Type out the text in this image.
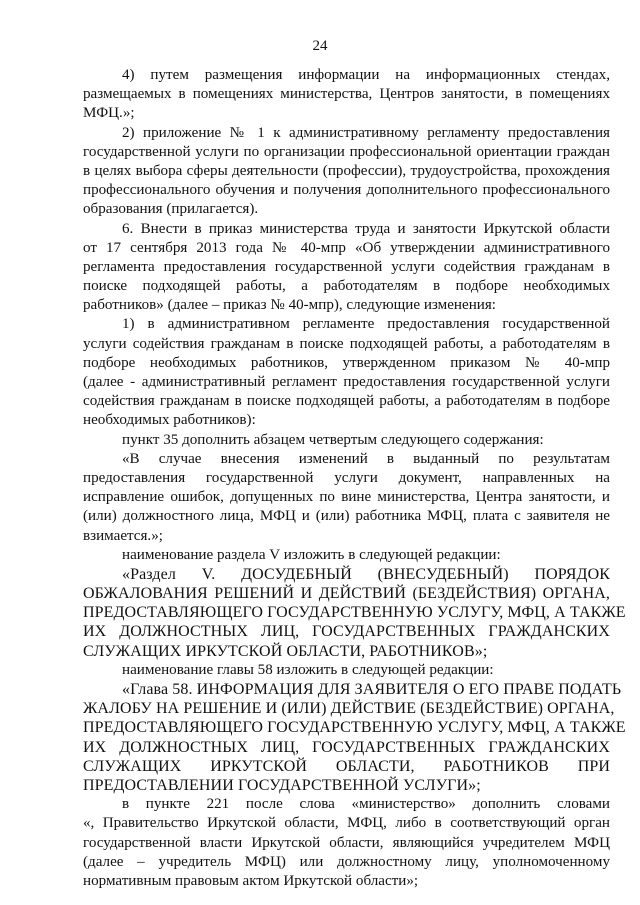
24
4) путем размещения информации на информационных стендах,
размещаемых в помещениях министерства, Центров занятости, в помещениях
МФЦ.»;
2) приложение № 1 к административному регламенту предоставления
государственной услуги по организации профессиональной ориентации граждан
в целях выбора сферы деятельности (профессии), трудоустройства, прохождения
профессионального обучения и получения дополнительного профессионального
образования (прилагается).
6. Внести в приказ министерства труда и занятости Иркутской области
от 17 сентября 2013 года № 40-мпр «Об утверждении административного
регламента предоставления государственной услуги содействия гражданам в
поиске подходящей работы, а работодателям в подборе необходимых
работников» (далее – приказ № 40-мпр), следующие изменения:
1) в административном регламенте предоставления государственной
услуги содействия гражданам в поиске подходящей работы, а работодателям в
подборе необходимых работников, утвержденном приказом № 40-мпр
(далее - административный регламент предоставления государственной услуги
содействия гражданам в поиске подходящей работы, а работодателям в подборе
необходимых работников):
пункт 35 дополнить абзацем четвертым следующего содержания:
«В случае внесения изменений в выданный по результатам
предоставления государственной услуги документ, направленных на
исправление ошибок, допущенных по вине министерства, Центра занятости, и
(или) должностного лица, МФЦ и (или) работника МФЦ, плата с заявителя не
взимается.»;
наименование раздела V изложить в следующей редакции:
«Раздел V. ДОСУДЕБНЫЙ (ВНЕСУДЕБНЫЙ) ПОРЯДОК
ОБЖАЛОВАНИЯ РЕШЕНИЙ И ДЕЙСТВИЙ (БЕЗДЕЙСТВИЯ) ОРГАНА,
ПРЕДОСТАВЛЯЮЩЕГО ГОСУДАРСТВЕННУЮ УСЛУГУ, МФЦ, А ТАКЖЕ
ИХ ДОЛЖНОСТНЫХ ЛИЦ, ГОСУДАРСТВЕННЫХ ГРАЖДАНСКИХ
СЛУЖАЩИХ ИРКУТСКОЙ ОБЛАСТИ, РАБОТНИКОВ»;
наименование главы 58 изложить в следующей редакции:
«Глава 58. ИНФОРМАЦИЯ ДЛЯ ЗАЯВИТЕЛЯ О ЕГО ПРАВЕ ПОДАТЬ
ЖАЛОБУ НА РЕШЕНИЕ И (ИЛИ) ДЕЙСТВИЕ (БЕЗДЕЙСТВИЕ) ОРГАНА,
ПРЕДОСТАВЛЯЮЩЕГО ГОСУДАРСТВЕННУЮ УСЛУГУ, МФЦ, А ТАКЖЕ
ИХ ДОЛЖНОСТНЫХ ЛИЦ, ГОСУДАРСТВЕННЫХ ГРАЖДАНСКИХ
СЛУЖАЩИХ ИРКУТСКОЙ ОБЛАСТИ, РАБОТНИКОВ ПРИ
ПРЕДОСТАВЛЕНИИ ГОСУДАРСТВЕННОЙ УСЛУГИ»;
в пункте 221 после слова «министерство» дополнить словами
«, Правительство Иркутской области, МФЦ, либо в соответствующий орган
государственной власти Иркутской области, являющийся учредителем МФЦ
(далее – учредитель МФЦ) или должностному лицу, уполномоченному
нормативным правовым актом Иркутской области»;
